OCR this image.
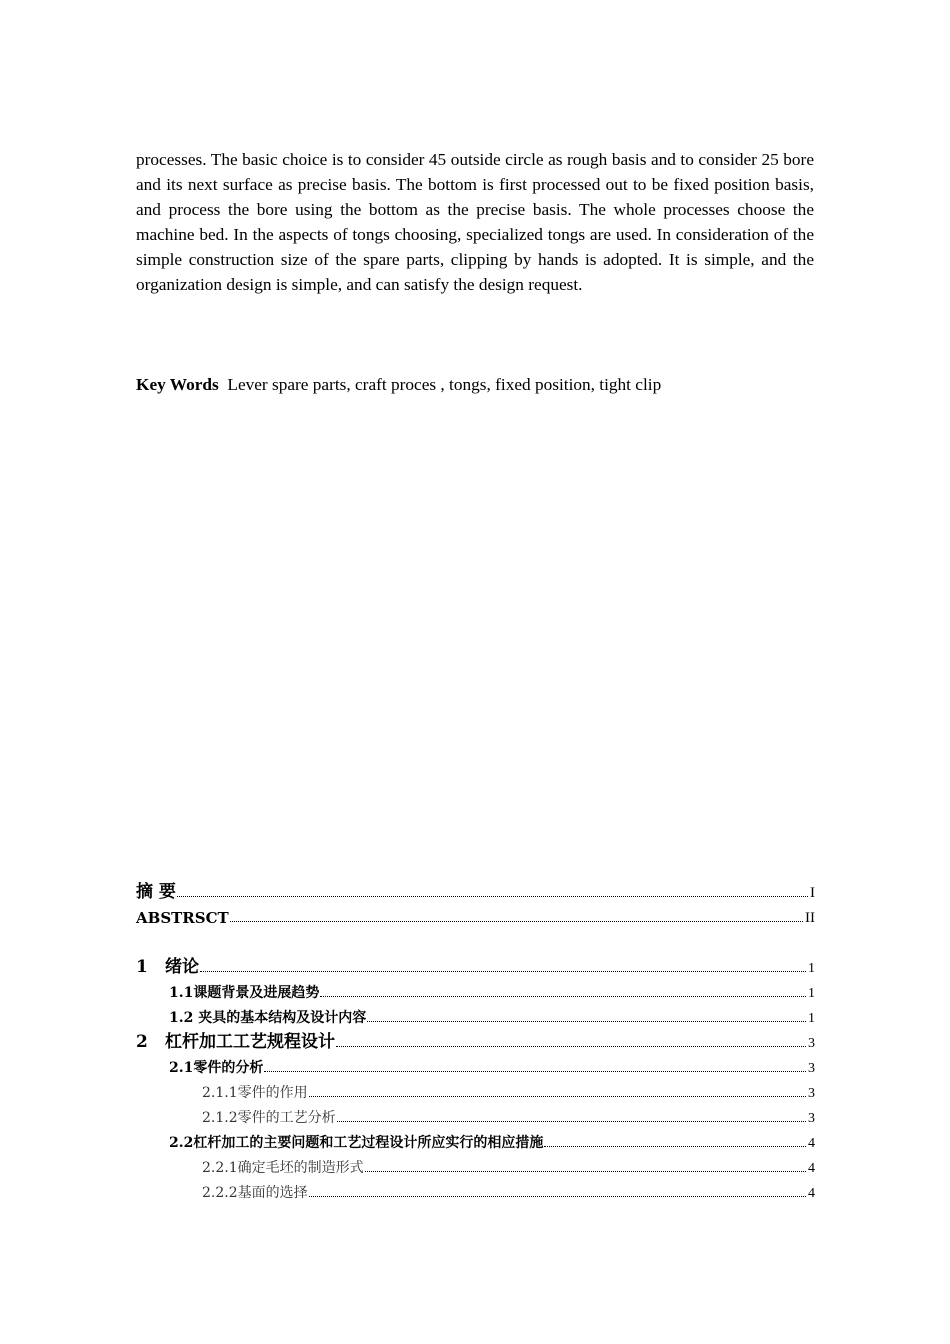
processes. The basic choice is to consider 45 outside circle as rough basis and to consider 25 bore and its next surface as precise basis. The bottom is first processed out to be fixed position basis, and process the bore using the bottom as the precise basis. The whole processes choose the machine bed. In the aspects of tongs choosing, specialized tongs are used. In consideration of the simple construction size of the spare parts, clipping by hands is adopted. It is simple, and the organization design is simple, and can satisfy the design request.

Key Words Lever spare parts, craft proces , tongs, fixed position, tight clip

摘 要	I
ABSTRSCT	II
1 绪论	1
1.1课题背景及进展趋势	1
1.2 夹具的基本结构及设计内容	1
2 杠杆加工工艺规程设计	3
2.1零件的分析	3
2.1.1零件的作用	3
2.1.2零件的工艺分析	3
2.2杠杆加工的主要问题和工艺过程设计所应实行的相应措施	4
2.2.1确定毛坯的制造形式	4
2.2.2基面的选择	4
